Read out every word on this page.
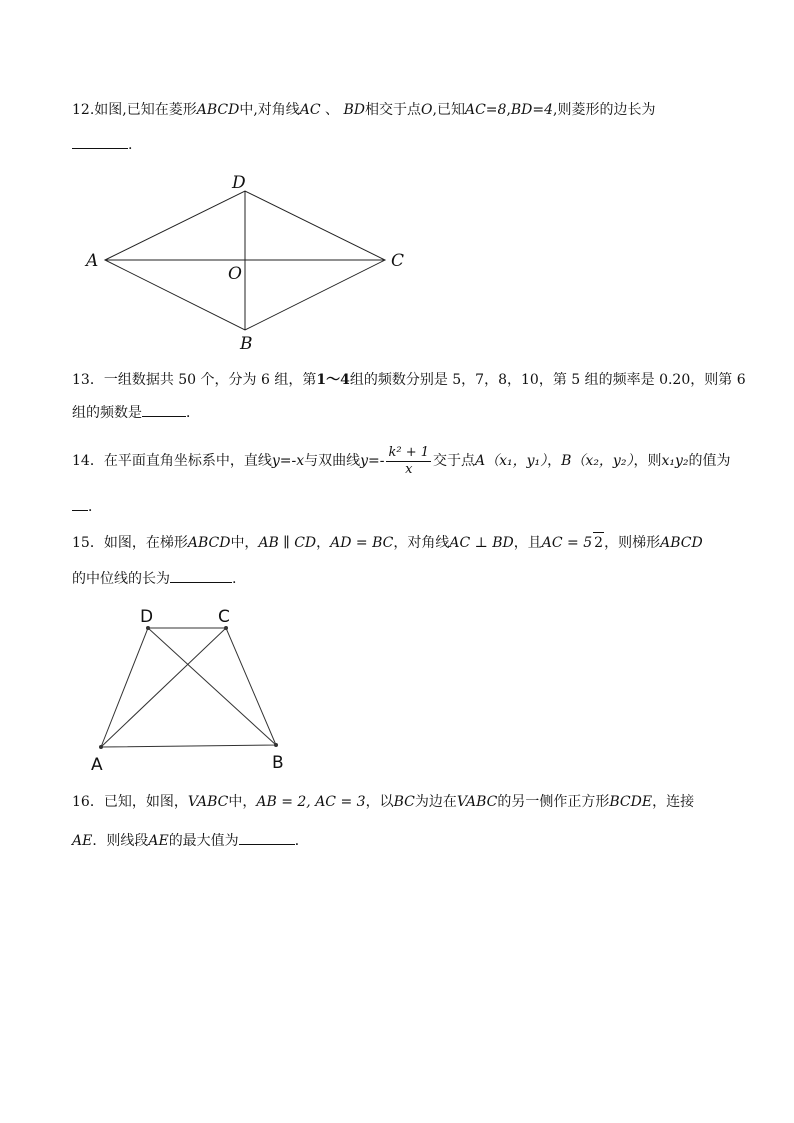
12.如图,已知在菱形ABCD中,对角线AC 、 BD相交于点O,已知AC=8,BD=4,则菱形的边长为
.
A
D
C
B
O
13．一组数据共 50 个，分为 6 组，第1～4组的频数分别是 5，7，8，10，第 5 组的频率是 0.20，则第 6
组的频数是	．
14．在平面直角坐标系中，直线y=-x与双曲线$y=- \frac{\text{k² + 1}}{x}$ 交于点A（x₁，y₁），B（x₂，y₂），则x₁y₂的值为
．
15．如图，在梯形ABCD中，AB ∥ CD，AD = BC，对角线AC ⊥ BD，且AC = 5 2，则梯形ABCD
的中位线的长为	.
D	C
A	B
16．已知，如图，VABC中，AB = 2, AC = 3，以BC为边在VABC的另一侧作正方形BCDE，连接
AE．则线段AE的最大值为	．
